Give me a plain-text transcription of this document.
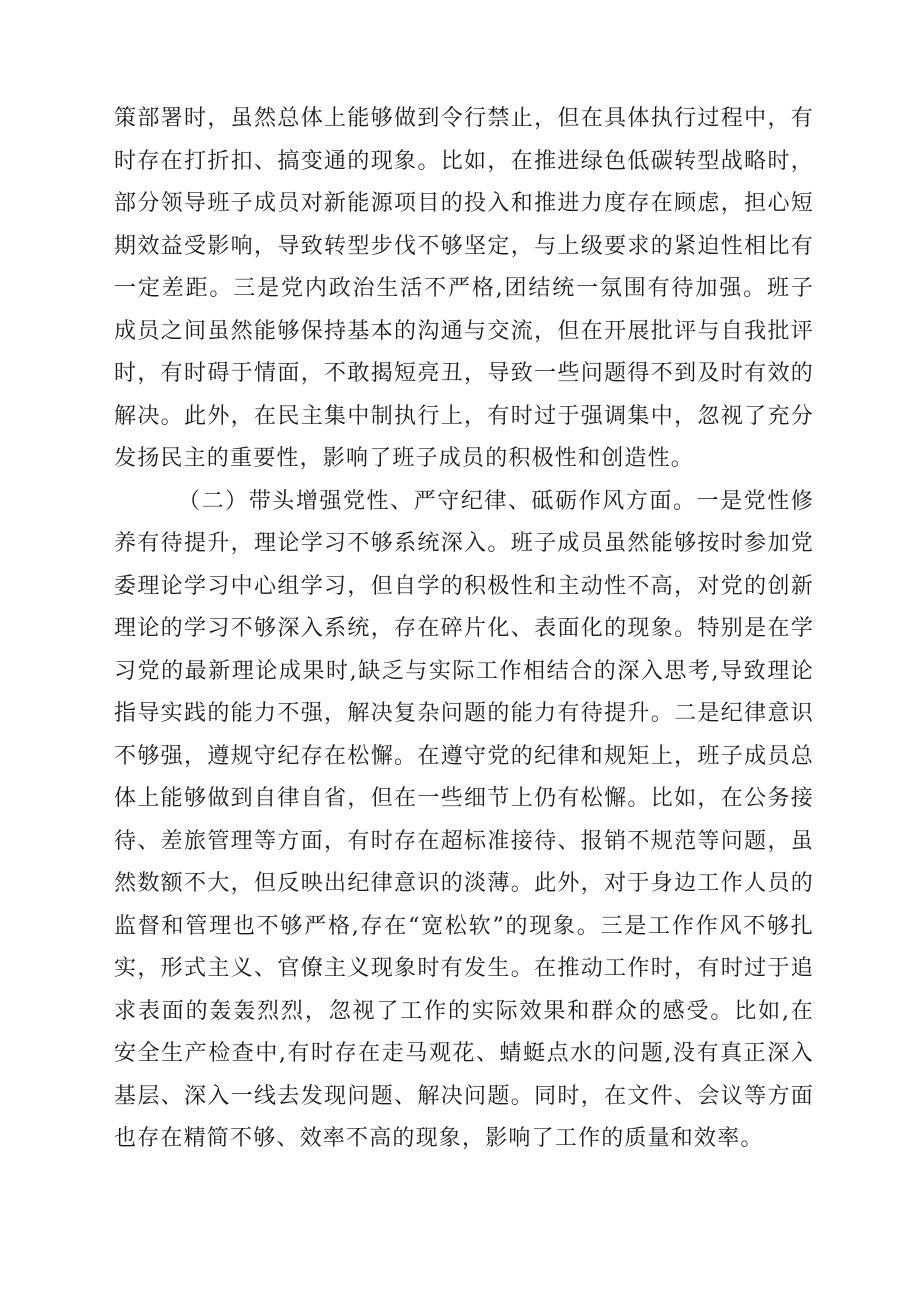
策部署时，虽然总体上能够做到令行禁止，但在具体执行过程中，有时存在打折扣、搞变通的现象。比如，在推进绿色低碳转型战略时，部分领导班子成员对新能源项目的投入和推进力度存在顾虑，担心短期效益受影响，导致转型步伐不够坚定，与上级要求的紧迫性相比有一定差距。三是党内政治生活不严格,团结统一氛围有待加强。班子成员之间虽然能够保持基本的沟通与交流，但在开展批评与自我批评时，有时碍于情面，不敢揭短亮丑，导致一些问题得不到及时有效的解决。此外，在民主集中制执行上，有时过于强调集中，忽视了充分发扬民主的重要性，影响了班子成员的积极性和创造性。

（二）带头增强党性、严守纪律、砥砺作风方面。一是党性修养有待提升，理论学习不够系统深入。班子成员虽然能够按时参加党委理论学习中心组学习，但自学的积极性和主动性不高，对党的创新理论的学习不够深入系统，存在碎片化、表面化的现象。特别是在学习党的最新理论成果时,缺乏与实际工作相结合的深入思考,导致理论指导实践的能力不强，解决复杂问题的能力有待提升。二是纪律意识不够强，遵规守纪存在松懈。在遵守党的纪律和规矩上，班子成员总体上能够做到自律自省，但在一些细节上仍有松懈。比如，在公务接待、差旅管理等方面，有时存在超标准接待、报销不规范等问题，虽然数额不大，但反映出纪律意识的淡薄。此外，对于身边工作人员的监督和管理也不够严格,存在“宽松软”的现象。三是工作作风不够扎实，形式主义、官僚主义现象时有发生。在推动工作时，有时过于追求表面的轰轰烈烈，忽视了工作的实际效果和群众的感受。比如,在安全生产检查中,有时存在走马观花、蜻蜓点水的问题,没有真正深入基层、深入一线去发现问题、解决问题。同时，在文件、会议等方面也存在精简不够、效率不高的现象，影响了工作的质量和效率。
